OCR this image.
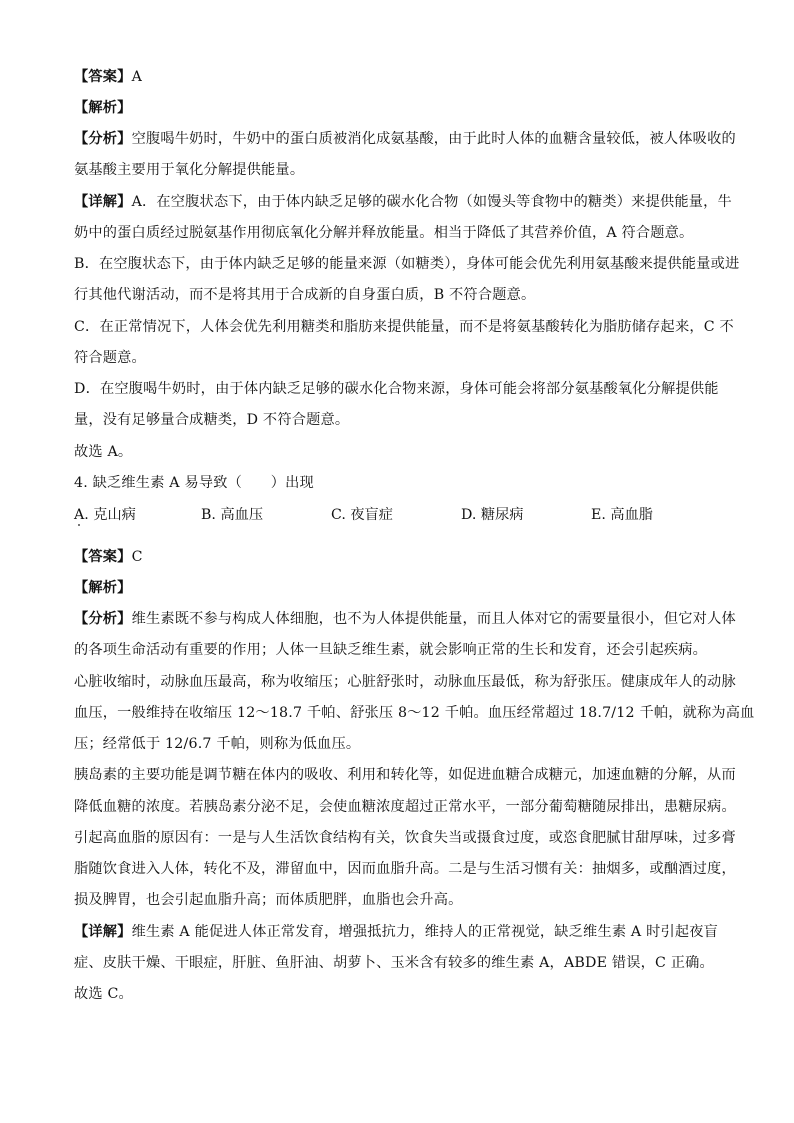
【答案】A
【解析】
【分析】空腹喝牛奶时，牛奶中的蛋白质被消化成氨基酸，由于此时人体的血糖含量较低，被人体吸收的
氨基酸主要用于氧化分解提供能量。
【详解】A．在空腹状态下，由于体内缺乏足够的碳水化合物（如馒头等食物中的糖类）来提供能量，牛
奶中的蛋白质经过脱氨基作用彻底氧化分解并释放能量。相当于降低了其营养价值，A 符合题意。
B．在空腹状态下，由于体内缺乏足够的能量来源（如糖类），身体可能会优先利用氨基酸来提供能量或进
行其他代谢活动，而不是将其用于合成新的自身蛋白质，B 不符合题意。
C．在正常情况下，人体会优先利用糖类和脂肪来提供能量，而不是将氨基酸转化为脂肪储存起来，C 不
符合题意。
D．在空腹喝牛奶时，由于体内缺乏足够的碳水化合物来源，身体可能会将部分氨基酸氧化分解提供能
量，没有足够量合成糖类，D 不符合题意。
故选 A。
4. 缺乏维生素 A 易导致（　　）出现
A. 克山病	B. 高血压	C. 夜盲症	D. 糖尿病	E. 高血脂
【答案】C
【解析】
【分析】维生素既不参与构成人体细胞，也不为人体提供能量，而且人体对它的需要量很小，但它对人体
的各项生命活动有重要的作用；人体一旦缺乏维生素，就会影响正常的生长和发育，还会引起疾病。
心脏收缩时，动脉血压最高，称为收缩压；心脏舒张时，动脉血压最低，称为舒张压。健康成年人的动脉
血压，一般维持在收缩压 12～18.7 千帕、舒张压 8～12 千帕。血压经常超过 18.7/12 千帕，就称为高血
压；经常低于 12/6.7 千帕，则称为低血压。
胰岛素的主要功能是调节糖在体内的吸收、利用和转化等，如促进血糖合成糖元，加速血糖的分解，从而
降低血糖的浓度。若胰岛素分泌不足，会使血糖浓度超过正常水平，一部分葡萄糖随尿排出，患糖尿病。
引起高血脂的原因有：一是与人生活饮食结构有关，饮食失当或摄食过度，或恣食肥腻甘甜厚味，过多膏
脂随饮食进入人体，转化不及，滞留血中，因而血脂升高。二是与生活习惯有关：抽烟多，或酗酒过度，
损及脾胃，也会引起血脂升高；而体质肥胖，血脂也会升高。
【详解】维生素 A 能促进人体正常发育，增强抵抗力，维持人的正常视觉，缺乏维生素 A 时引起夜盲
症、皮肤干燥、干眼症，肝脏、鱼肝油、胡萝卜、玉米含有较多的维生素 A，ABDE 错误，C 正确。
故选 C。
